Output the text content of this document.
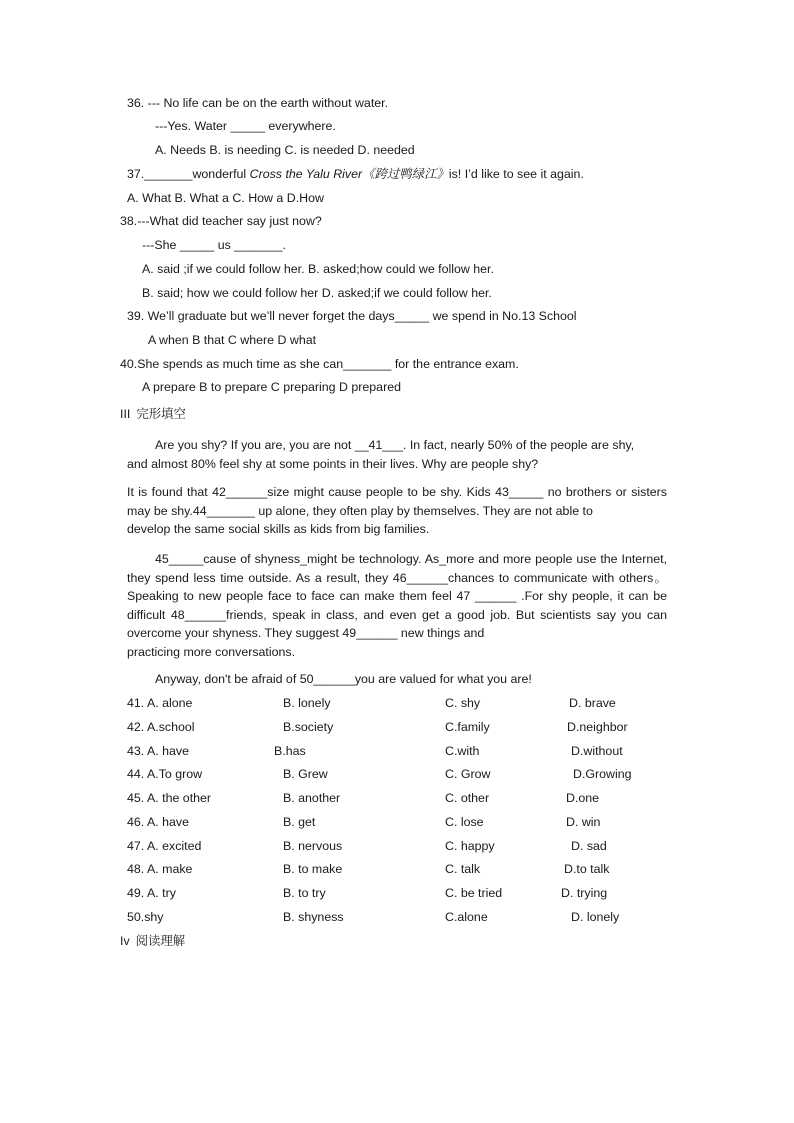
36. --- No life can be on the earth without water.
---Yes. Water _____ everywhere.
A. Needs B. is needing C. is needed D. needed
37._______wonderful Cross the Yalu River《跨过鸭绿江》is! I’d like to see it again.
A. What B. What a C. How a D.How
38.---What did teacher say just now?
---She _____ us _______.
A. said ;if we could follow her. B. asked;how could we follow her.
B. said; how we could follow her D. asked;if we could follow her.
39. We’ll graduate but we’ll never forget the days_____ we spend in No.13 School
A when B that C where D what
40.She spends as much time as she can_______ for the entrance exam.
A prepare B to prepare C preparing D prepared
III 完形填空
Are you shy? If you are, you are not __41___. In fact, nearly 50% of the people are shy,
and almost 80% feel shy at some points in their lives. Why are people shy?
It is found that 42______size might cause people to be shy. Kids 43_____ no brothers or sisters may be shy.44_______ up alone, they often play by themselves. They are not able to
develop the same social skills as kids from big families.
45_____cause of shyness_might be technology. As_more and more people use the Internet, they spend less time outside. As a result, they 46______chances to communicate with others。 Speaking to new people face to face can make them feel 47 ______ .For shy people, it can be difficult 48______friends, speak in class, and even get a good job. But scientists say you can overcome your shyness. They suggest 49______ new things and
practicing more conversations.
Anyway, don't be afraid of 50______you are valued for what you are!
41. A. alone	B. lonely	C. shy	D. brave
42. A.school	B.society	C.family	D.neighbor
43. A. have	B.has	C.with	D.without
44. A.To grow	B. Grew	C. Grow	D.Growing
45. A. the other	B. another	C. other	D.one
46. A. have	B. get	C. lose	D. win
47. A. excited	B. nervous	C. happy	D. sad
48. A. make	B. to make	C. talk	D.to talk
49. A. try	B. to try	C. be tried	D. trying
50.shy	B. shyness	C.alone	D. lonely
Iv 阅读理解
